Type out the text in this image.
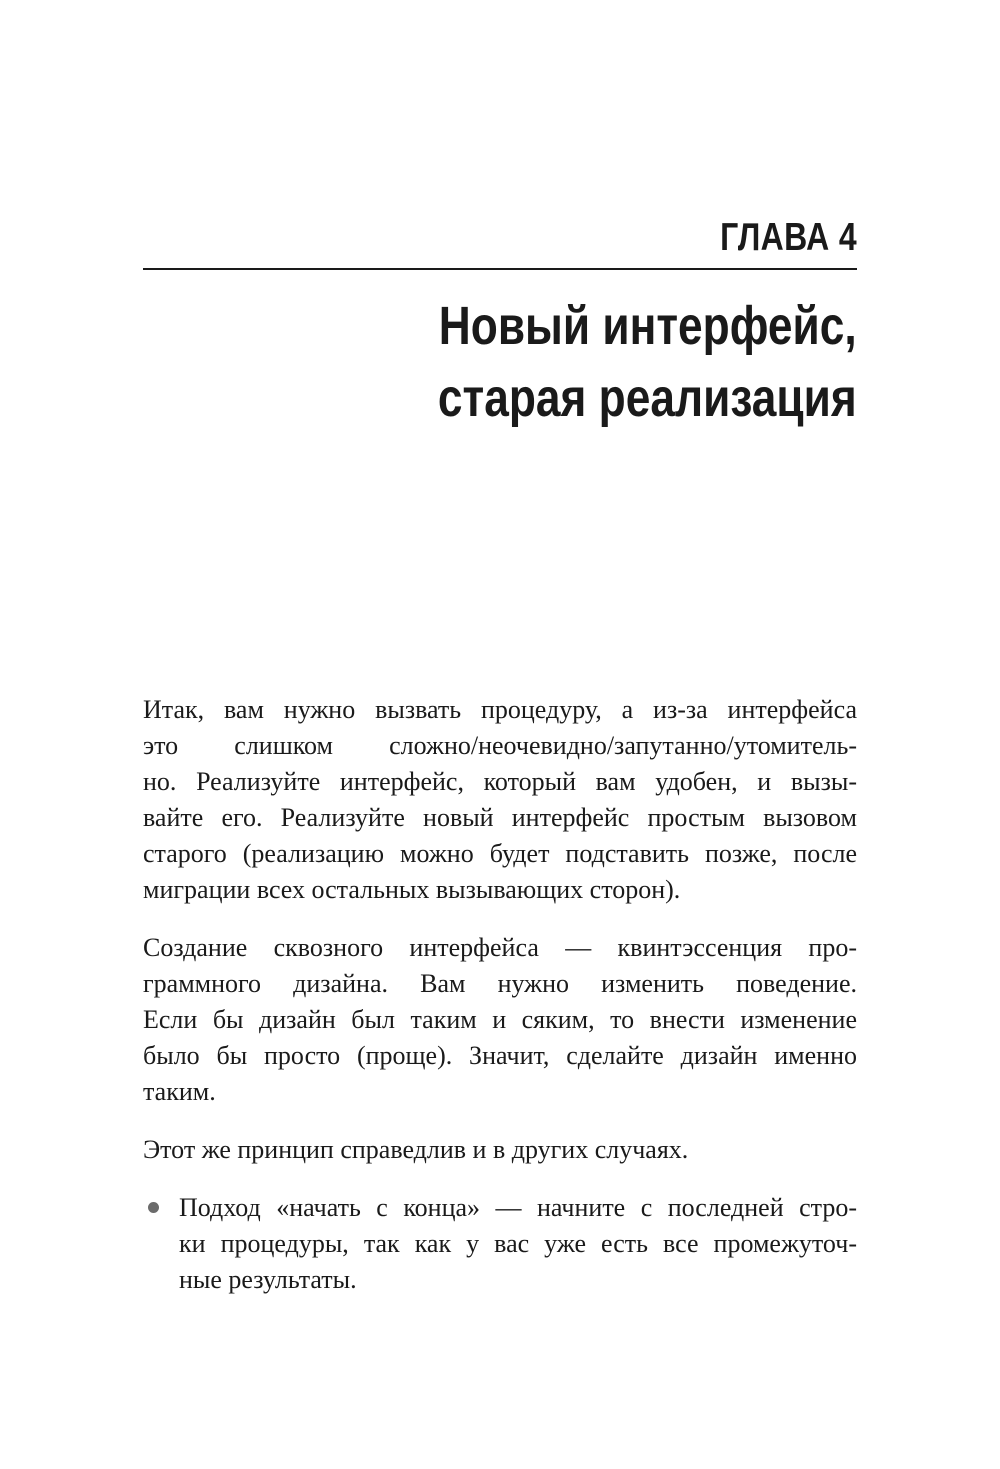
ГЛАВА 4
Новый интерфейс,
старая реализация

Итак, вам нужно вызвать процедуру, а из-за интерфейса
это слишком сложно/неочевидно/запутанно/утомитель-
но. Реализуйте интерфейс, который вам удобен, и вызы-
вайте его. Реализуйте новый интерфейс простым вызовом
старого (реализацию можно будет подставить позже, после
миграции всех остальных вызывающих сторон).

Создание сквозного интерфейса — квинтэссенция про-
граммного дизайна. Вам нужно изменить поведение.
Если бы дизайн был таким и сяким, то внести изменение
было бы просто (проще). Значит, сделайте дизайн именно
таким.

Этот же принцип справедлив и в других случаях.

Подход «начать с конца» — начните с последней стро-
ки процедуры, так как у вас уже есть все промежуточ-
ные результаты.
